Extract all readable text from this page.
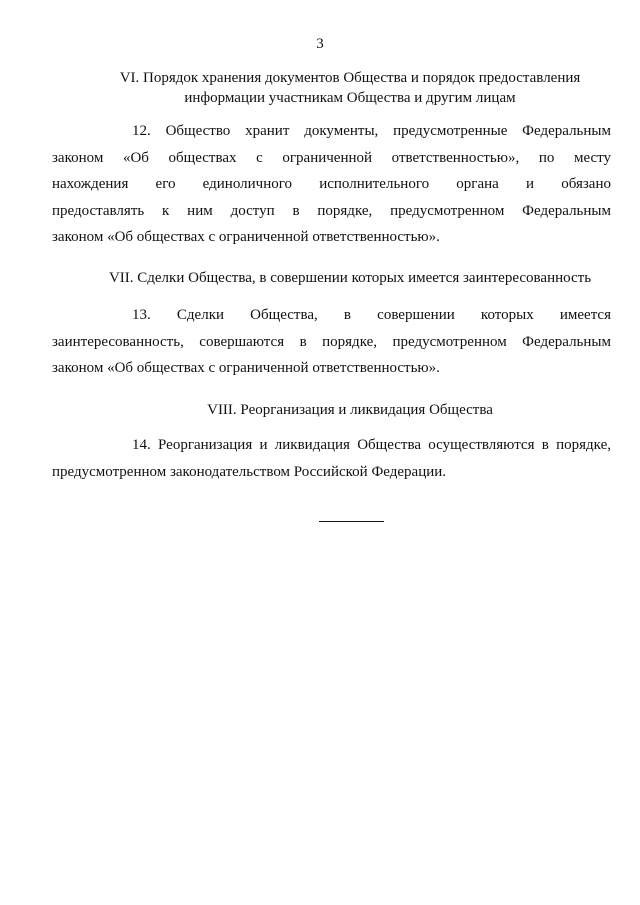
3
VI. Порядок хранения документов Общества и порядок предоставления
информации участникам Общества и другим лицам
12. Общество хранит документы, предусмотренные Федеральным
законом «Об обществах с ограниченной ответственностью», по месту
нахождения его единоличного исполнительного органа и обязано
предоставлять к ним доступ в порядке, предусмотренном Федеральным
законом «Об обществах с ограниченной ответственностью».
VII. Сделки Общества, в совершении которых имеется заинтересованность
13. Сделки Общества, в совершении которых имеется
заинтересованность, совершаются в порядке, предусмотренном Федеральным
законом «Об обществах с ограниченной ответственностью».
VIII. Реорганизация и ликвидация Общества
14. Реорганизация и ликвидация Общества осуществляются в порядке,
предусмотренном законодательством Российской Федерации.
